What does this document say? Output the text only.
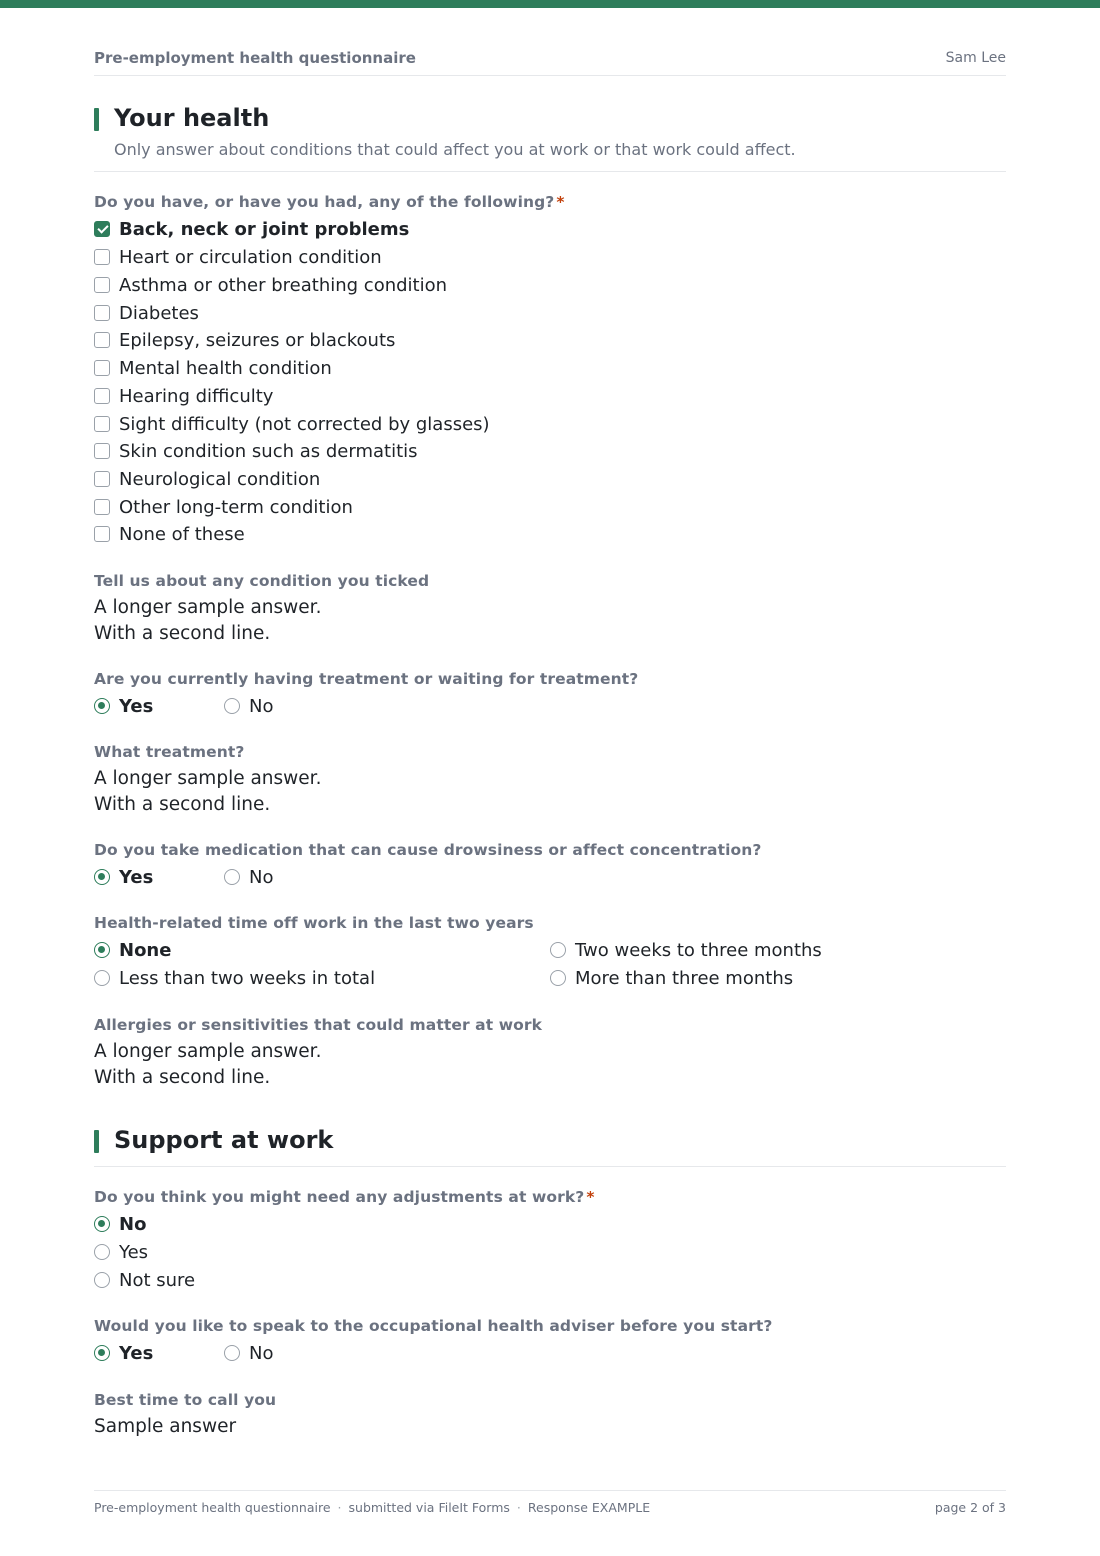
Pre-employment health questionnaire	Sam Lee
Your health
Only answer about conditions that could affect you at work or that work could affect.
Do you have, or have you had, any of the following? *
Back, neck or joint problems
Heart or circulation condition
Asthma or other breathing condition
Diabetes
Epilepsy, seizures or blackouts
Mental health condition
Hearing difficulty
Sight difficulty (not corrected by glasses)
Skin condition such as dermatitis
Neurological condition
Other long-term condition
None of these
Tell us about any condition you ticked
A longer sample answer.
With a second line.
Are you currently having treatment or waiting for treatment?
Yes	No
What treatment?
A longer sample answer.
With a second line.
Do you take medication that can cause drowsiness or affect concentration?
Yes	No
Health-related time off work in the last two years
None
Less than two weeks in total
Two weeks to three months
More than three months
Allergies or sensitivities that could matter at work
A longer sample answer.
With a second line.
Support at work
Do you think you might need any adjustments at work? *
No
Yes
Not sure
Would you like to speak to the occupational health adviser before you start?
Yes	No
Best time to call you
Sample answer
Pre-employment health questionnaire · submitted via FileIt Forms · Response EXAMPLE	page 2 of 3
